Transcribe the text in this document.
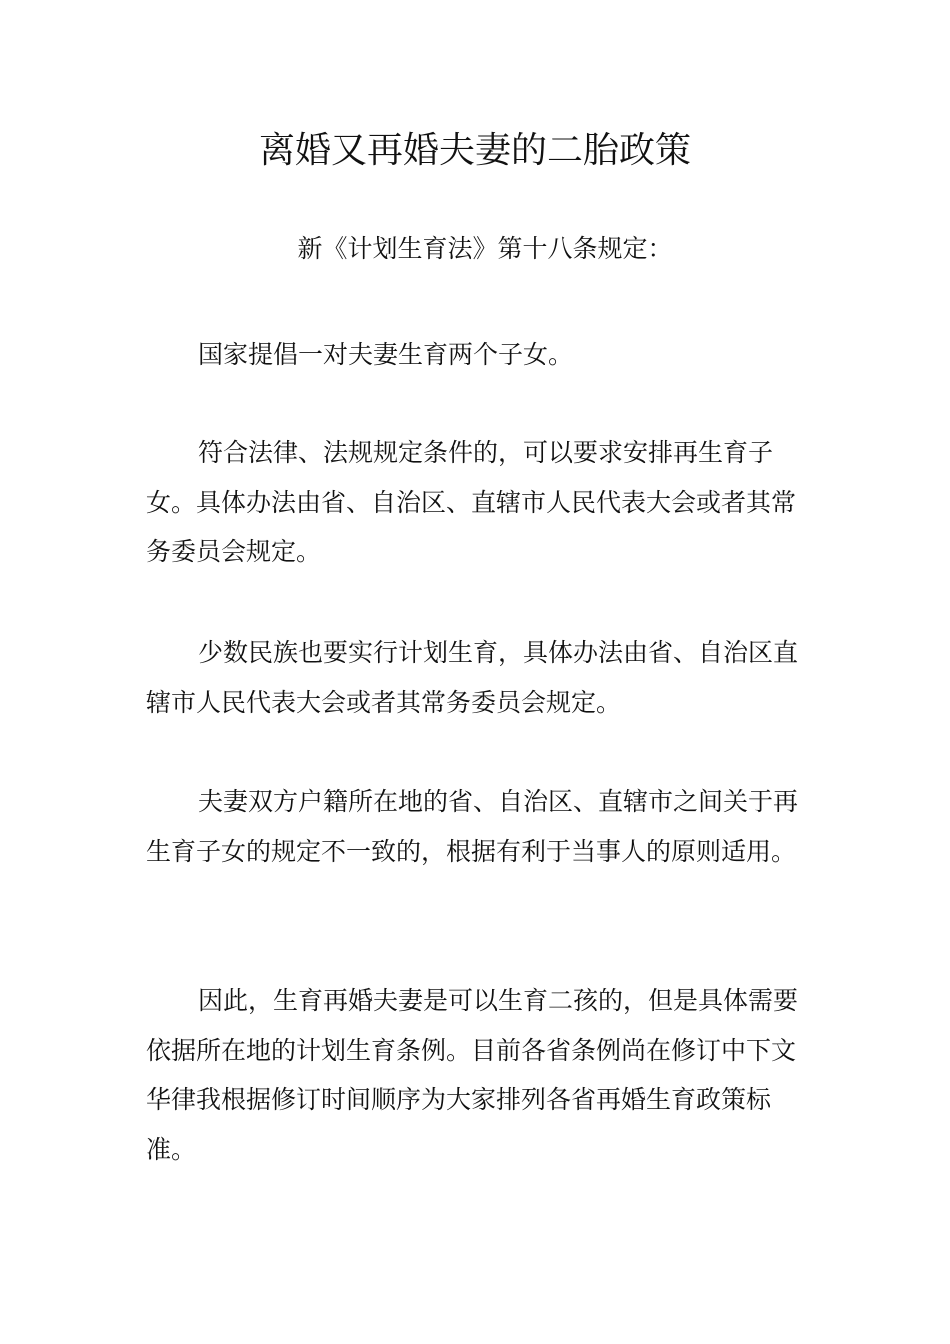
离婚又再婚夫妻的二胎政策

新《计划生育法》第十八条规定：

国家提倡一对夫妻生育两个子女。

符合法律、法规规定条件的，可以要求安排再生育子女。具体办法由省、自治区、直辖市人民代表大会或者其常务委员会规定。

少数民族也要实行计划生育，具体办法由省、自治区直辖市人民代表大会或者其常务委员会规定。

夫妻双方户籍所在地的省、自治区、直辖市之间关于再生育子女的规定不一致的，根据有利于当事人的原则适用。

因此，生育再婚夫妻是可以生育二孩的，但是具体需要依据所在地的计划生育条例。目前各省条例尚在修订中下文华律我根据修订时间顺序为大家排列各省再婚生育政策标准。
